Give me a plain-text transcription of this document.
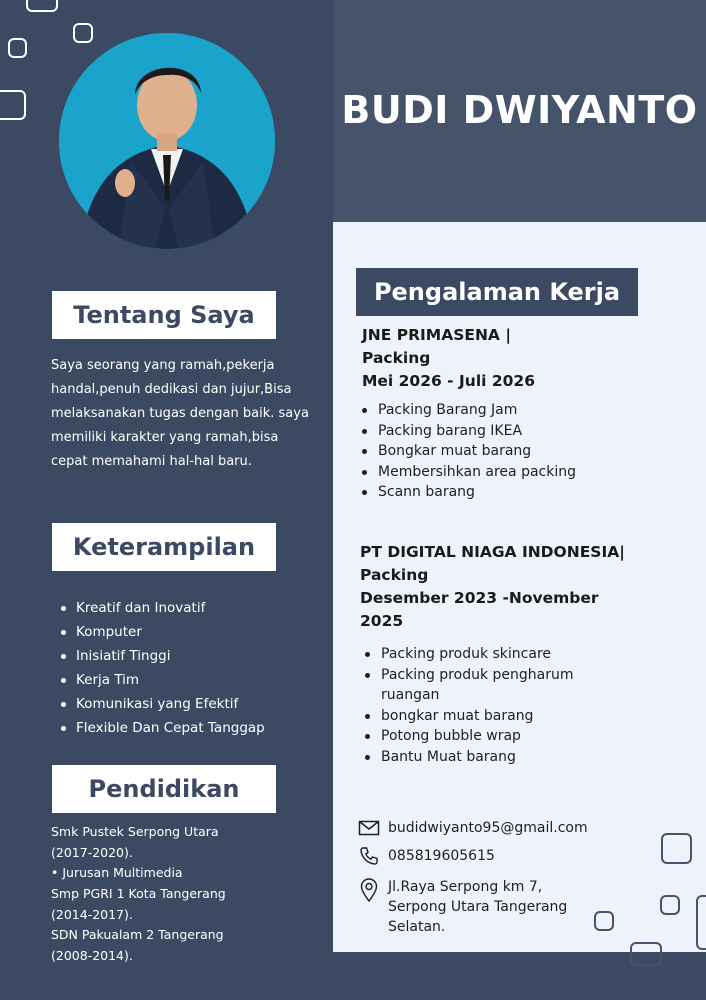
BUDI DWIYANTO
Tentang Saya
Saya seorang yang ramah,pekerja handal,penuh dedikasi dan jujur,Bisa melaksanakan tugas dengan baik. saya memiliki karakter yang ramah,bisa cepat memahami hal-hal baru.
Keterampilan
Kreatif dan Inovatif
Komputer
Inisiatif Tinggi
Kerja Tim
Komunikasi yang Efektif
Flexible Dan Cepat Tanggap
Pendidikan
Smk Pustek Serpong Utara
(2017-2020).
• Jurusan Multimedia
Smp PGRI 1 Kota Tangerang
(2014-2017).
SDN Pakualam 2 Tangerang
(2008-2014).
Pengalaman Kerja
JNE PRIMASENA |
Packing
Mei 2026 - Juli 2026
Packing Barang Jam
Packing barang IKEA
Bongkar muat barang
Membersihkan area packing
Scann barang
PT DIGITAL NIAGA INDONESIA|
Packing
Desember 2023 -November
2025
Packing produk skincare
Packing produk pengharum ruangan
bongkar muat barang
Potong bubble wrap
Bantu Muat barang
budidwiyanto95@gmail.com
085819605615
Jl.Raya Serpong km 7, Serpong Utara Tangerang Selatan.
